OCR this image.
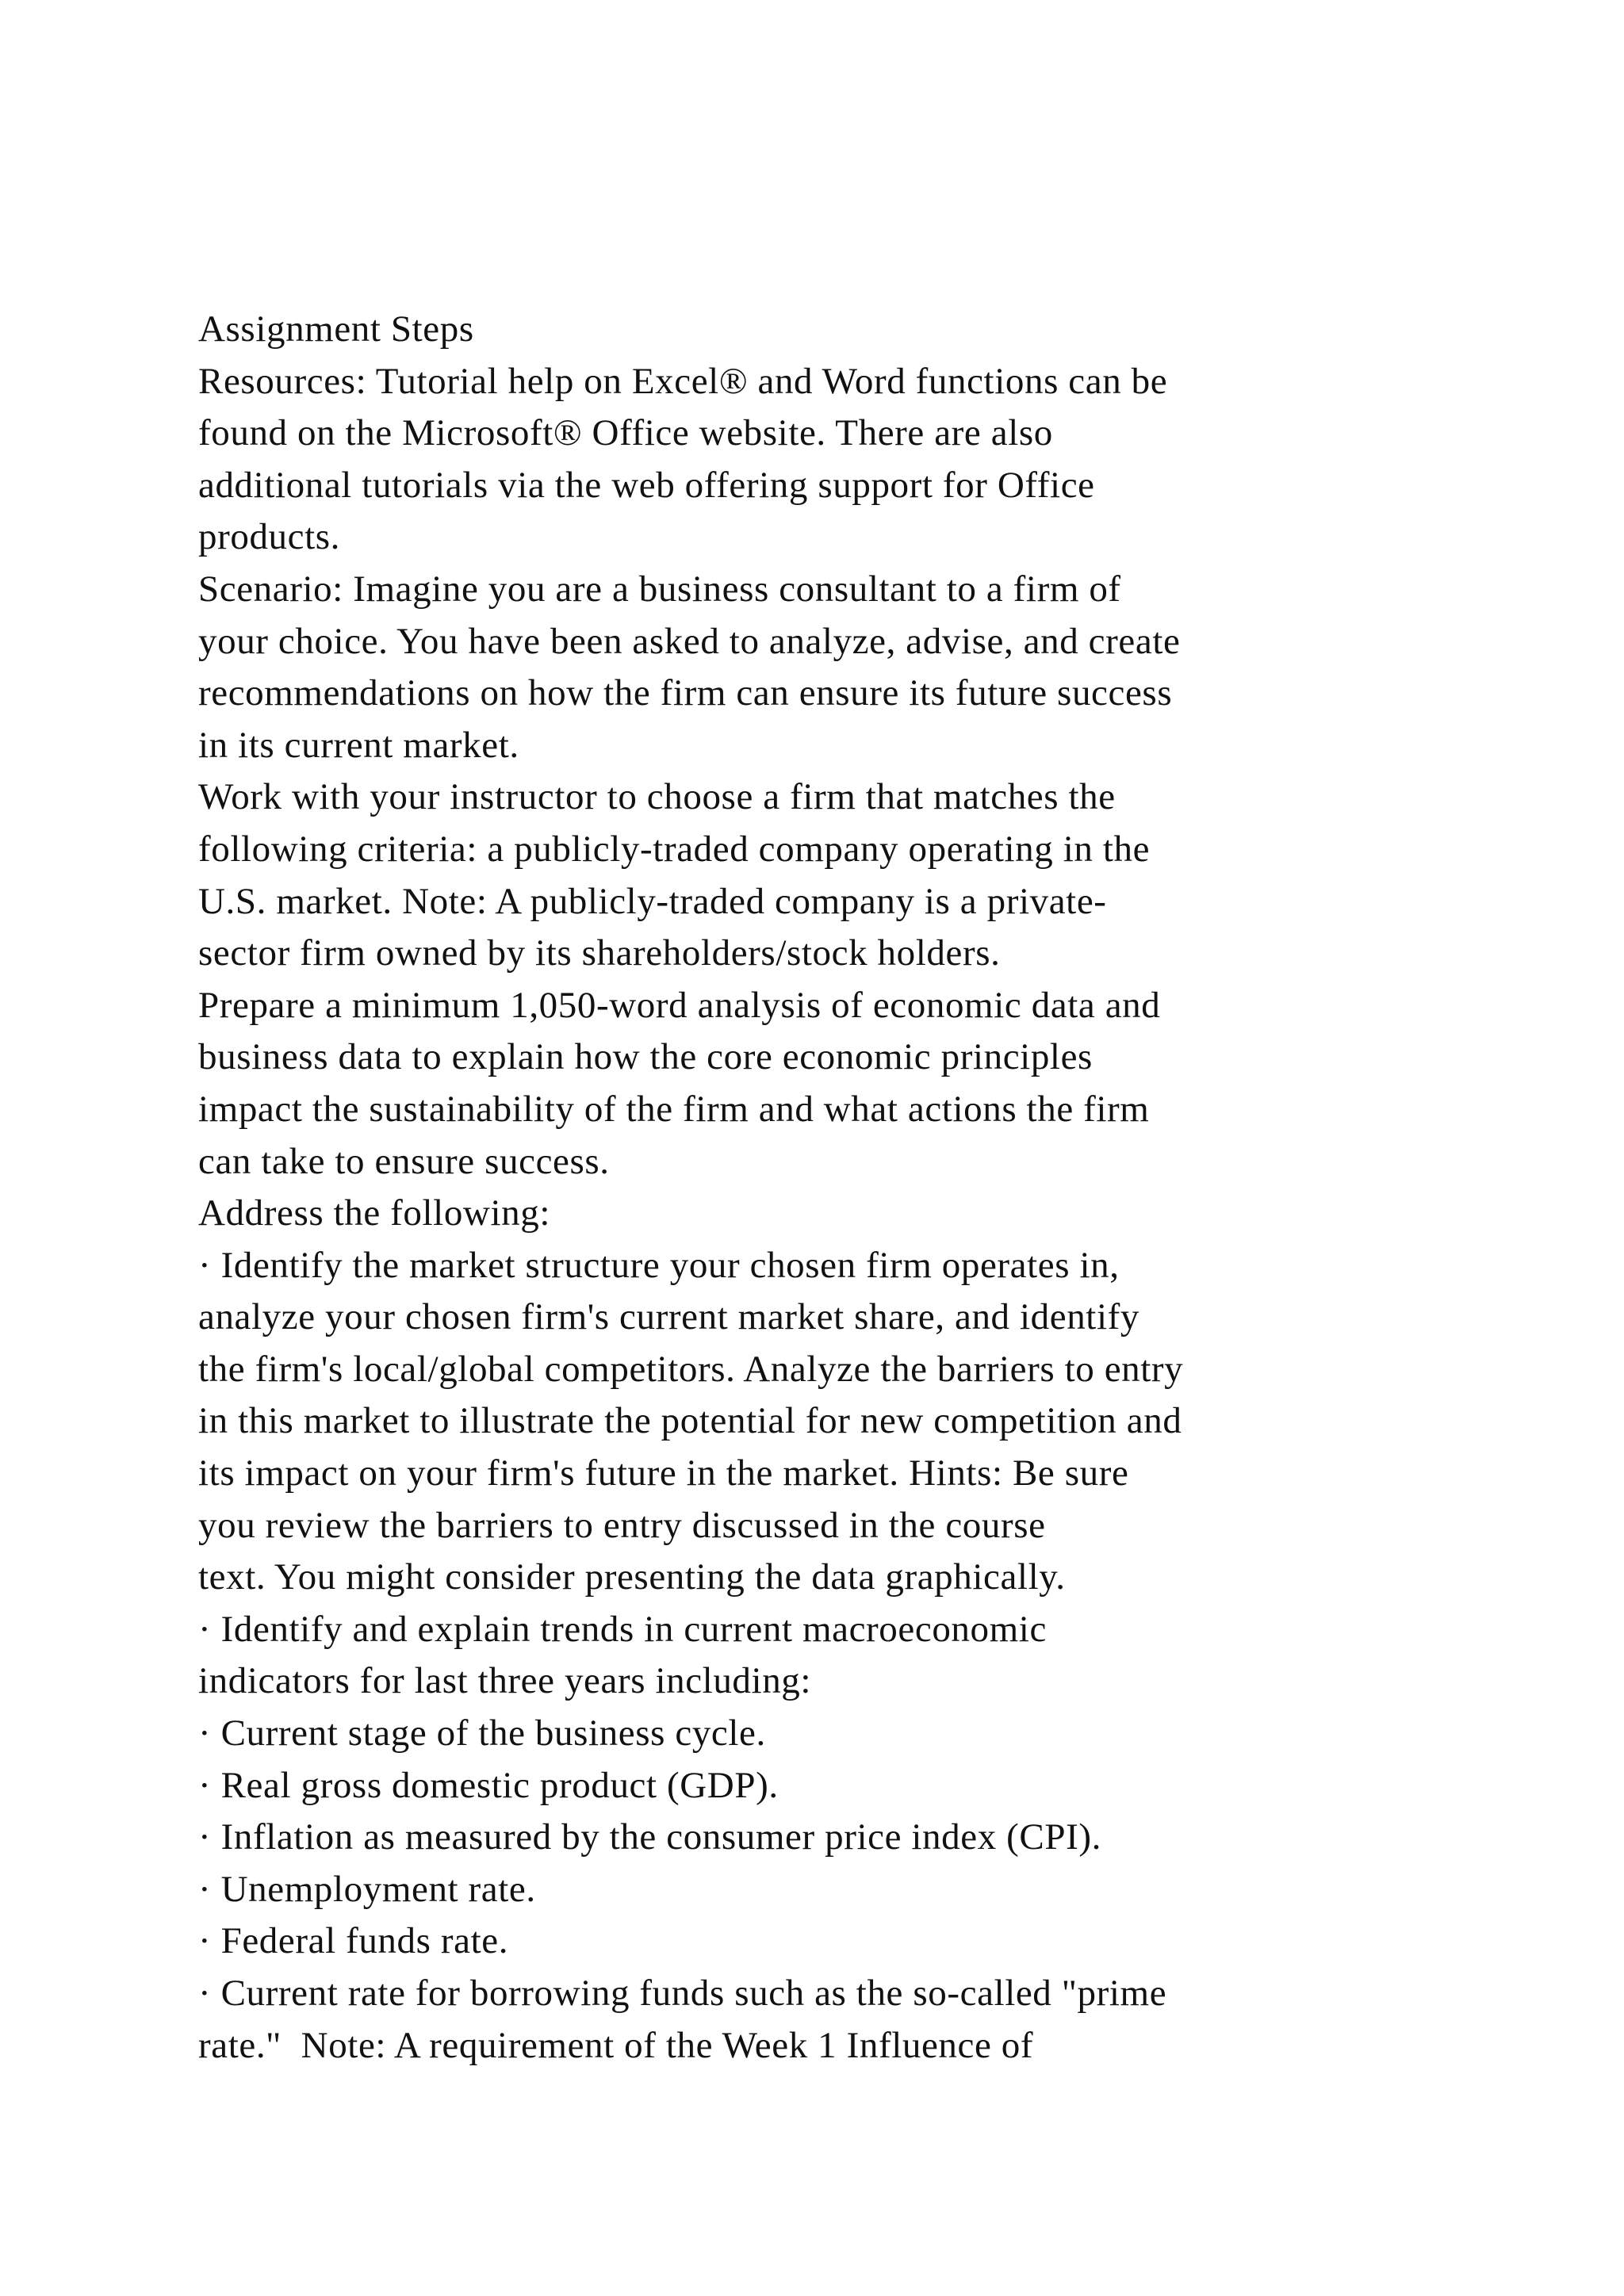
Assignment Steps
Resources: Tutorial help on Excel® and Word functions can be
found on the Microsoft® Office website. There are also
additional tutorials via the web offering support for Office
products.
Scenario: Imagine you are a business consultant to a firm of
your choice. You have been asked to analyze, advise, and create
recommendations on how the firm can ensure its future success
in its current market.
Work with your instructor to choose a firm that matches the
following criteria: a publicly-traded company operating in the
U.S. market. Note: A publicly-traded company is a private-
sector firm owned by its shareholders/stock holders.
Prepare a minimum 1,050-word analysis of economic data and
business data to explain how the core economic principles
impact the sustainability of the firm and what actions the firm
can take to ensure success.
Address the following:
· Identify the market structure your chosen firm operates in,
analyze your chosen firm's current market share, and identify
the firm's local/global competitors. Analyze the barriers to entry
in this market to illustrate the potential for new competition and
its impact on your firm's future in the market. Hints: Be sure
you review the barriers to entry discussed in the course
text. You might consider presenting the data graphically.
· Identify and explain trends in current macroeconomic
indicators for last three years including:
· Current stage of the business cycle.
· Real gross domestic product (GDP).
· Inflation as measured by the consumer price index (CPI).
· Unemployment rate.
· Federal funds rate.
· Current rate for borrowing funds such as the so-called "prime
rate."  Note: A requirement of the Week 1 Influence of
